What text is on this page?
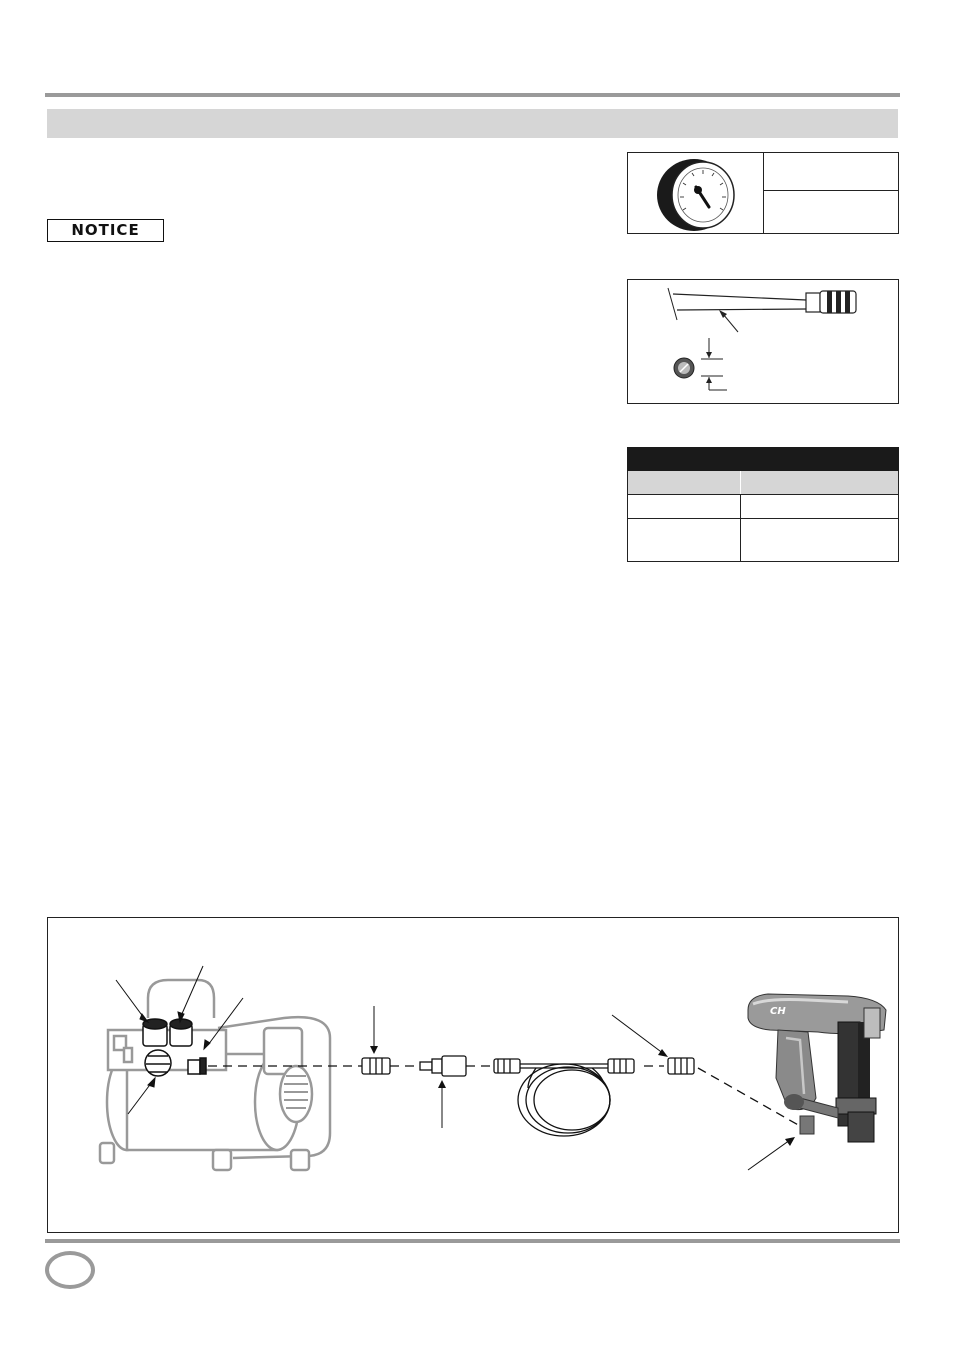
NOTICE
CH
